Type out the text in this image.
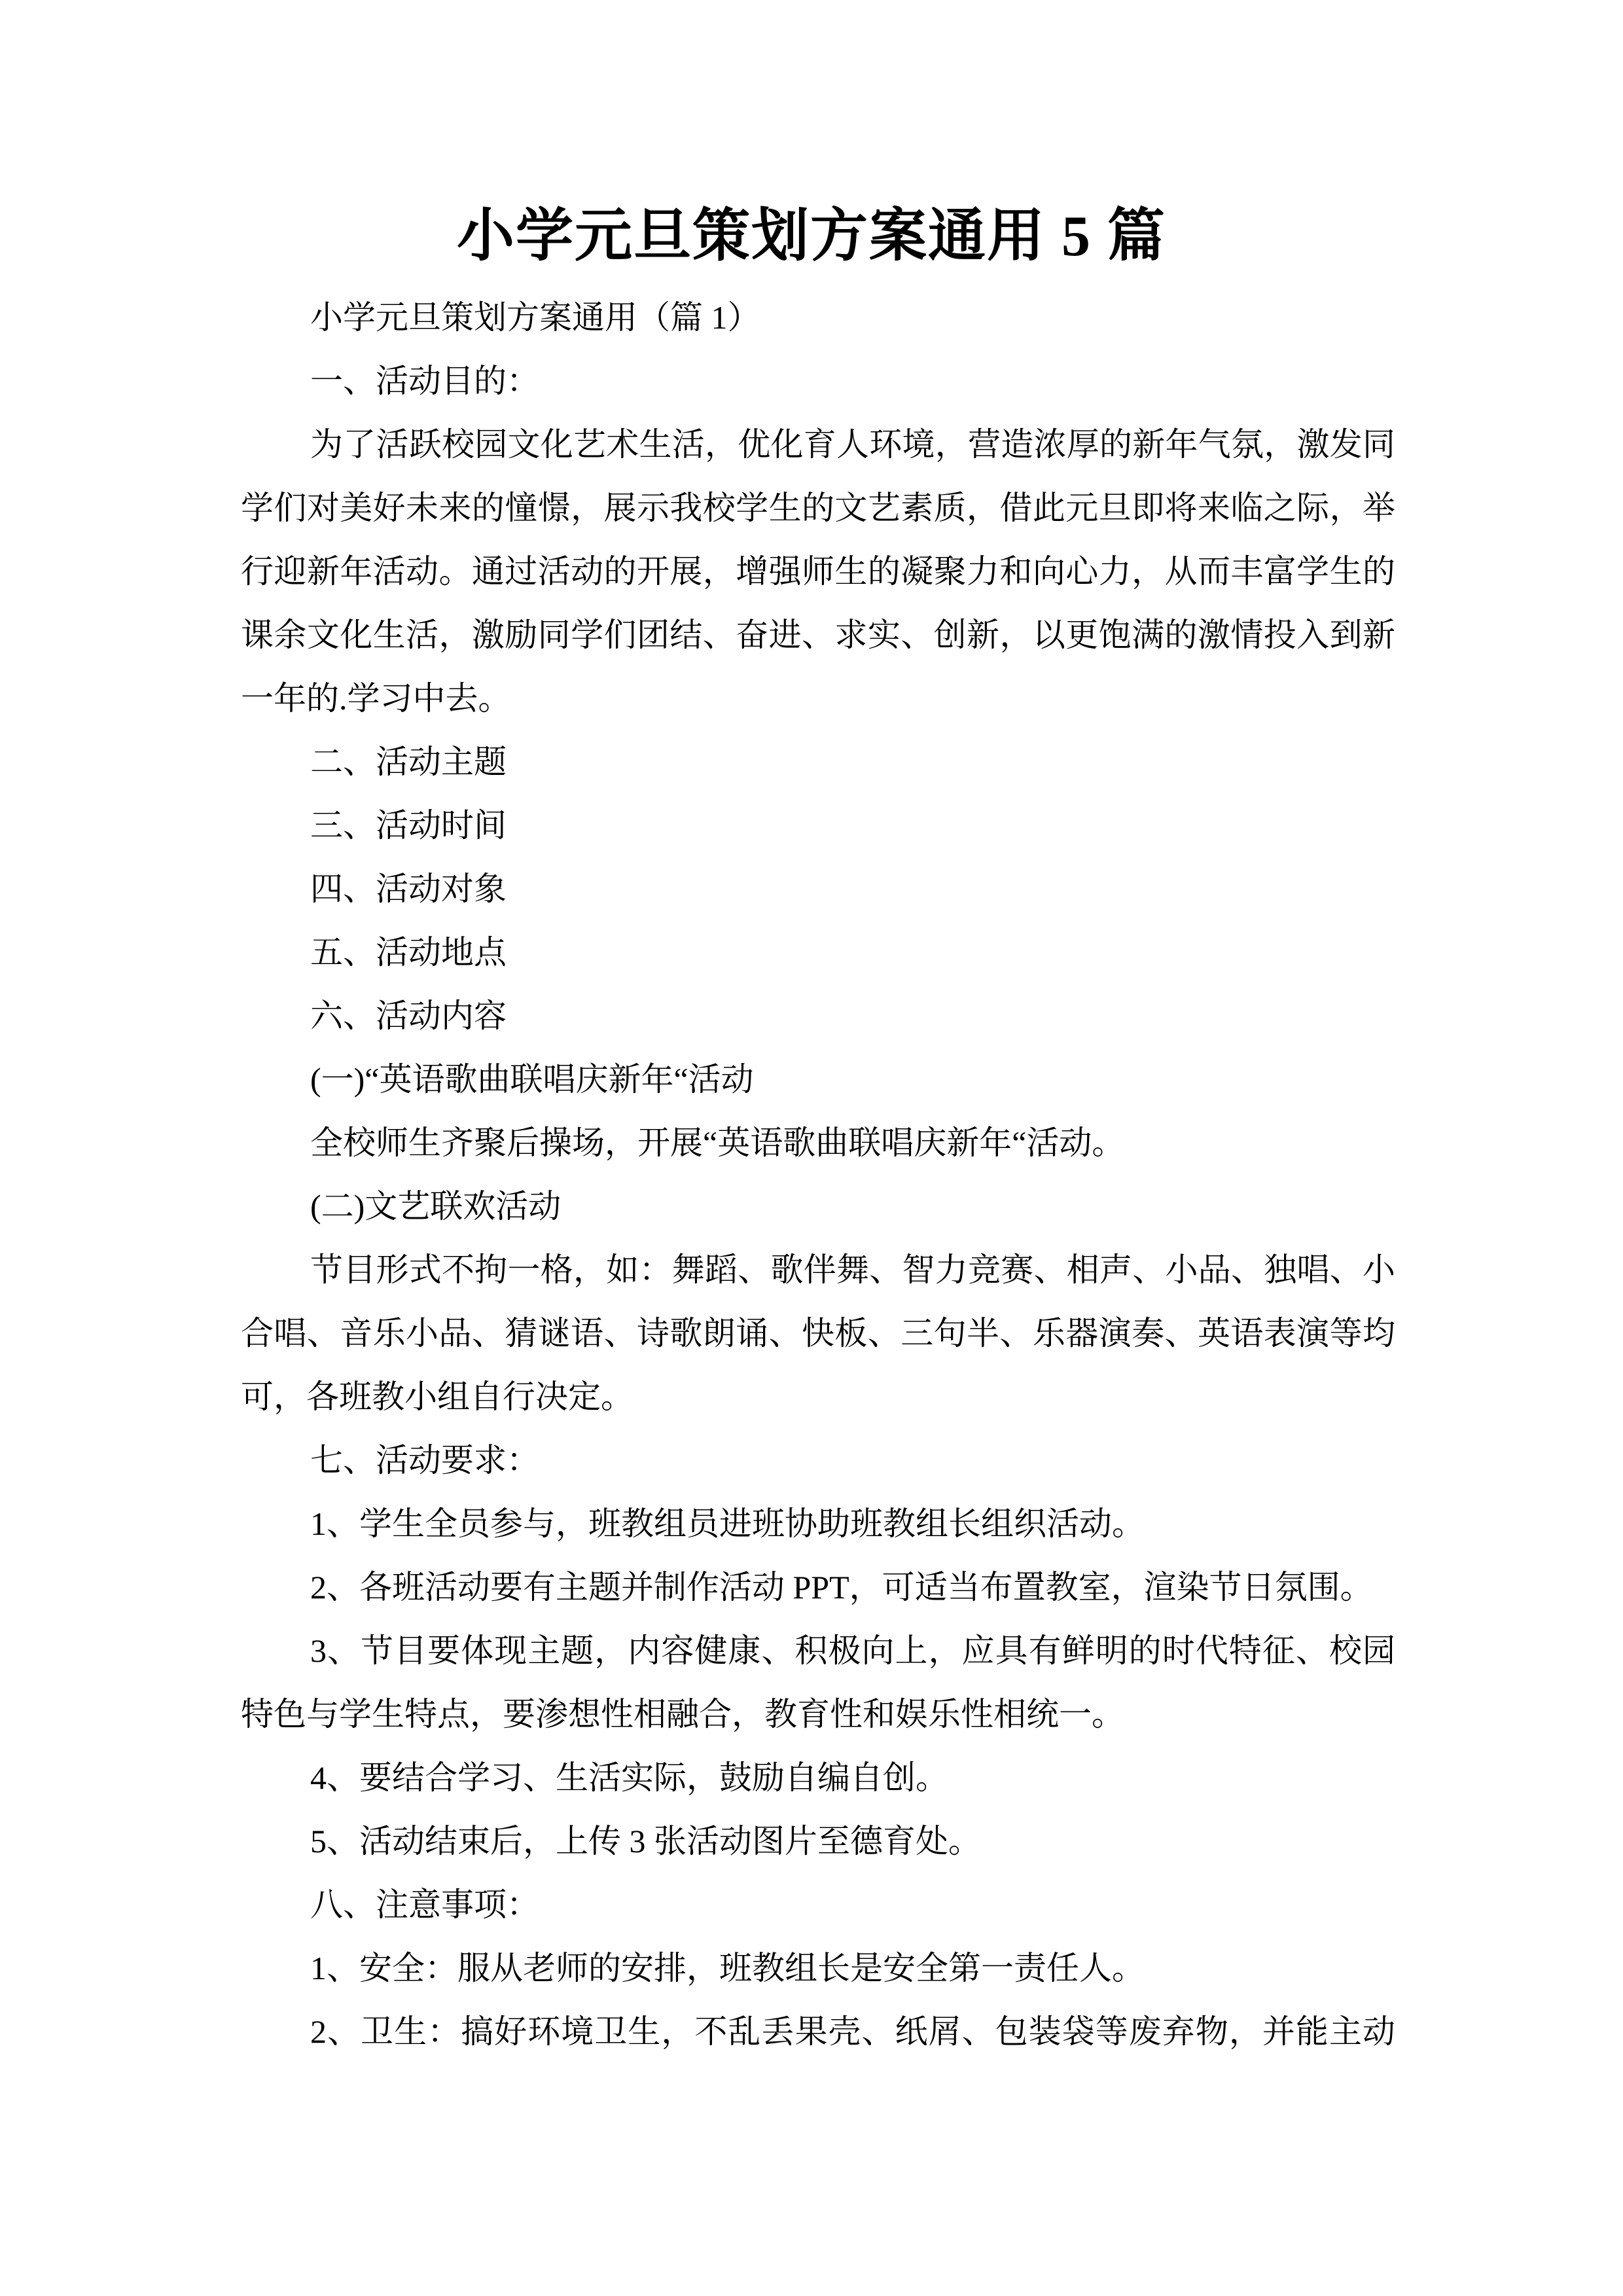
小学元旦策划方案通用 5 篇
小学元旦策划方案通用（篇 1）
一、活动目的：
为了活跃校园文化艺术生活，优化育人环境，营造浓厚的新年气氛，激发同
学们对美好未来的憧憬，展示我校学生的文艺素质，借此元旦即将来临之际，举
行迎新年活动。通过活动的开展，增强师生的凝聚力和向心力，从而丰富学生的
课余文化生活，激励同学们团结、奋进、求实、创新，以更饱满的激情投入到新
一年的.学习中去。
二、活动主题
三、活动时间
四、活动对象
五、活动地点
六、活动内容
(一)“英语歌曲联唱庆新年“活动
全校师生齐聚后操场，开展“英语歌曲联唱庆新年“活动。
(二)文艺联欢活动
节目形式不拘一格，如：舞蹈、歌伴舞、智力竞赛、相声、小品、独唱、小
合唱、音乐小品、猜谜语、诗歌朗诵、快板、三句半、乐器演奏、英语表演等均
可，各班教小组自行决定。
七、活动要求：
1、学生全员参与，班教组员进班协助班教组长组织活动。
2、各班活动要有主题并制作活动 PPT，可适当布置教室，渲染节日氛围。
3、节目要体现主题，内容健康、积极向上，应具有鲜明的时代特征、校园
特色与学生特点，要渗想性相融合，教育性和娱乐性相统一。
4、要结合学习、生活实际，鼓励自编自创。
5、活动结束后，上传 3 张活动图片至德育处。
八、注意事项：
1、安全：服从老师的安排，班教组长是安全第一责任人。
2、卫生：搞好环境卫生，不乱丢果壳、纸屑、包装袋等废弃物，并能主动
